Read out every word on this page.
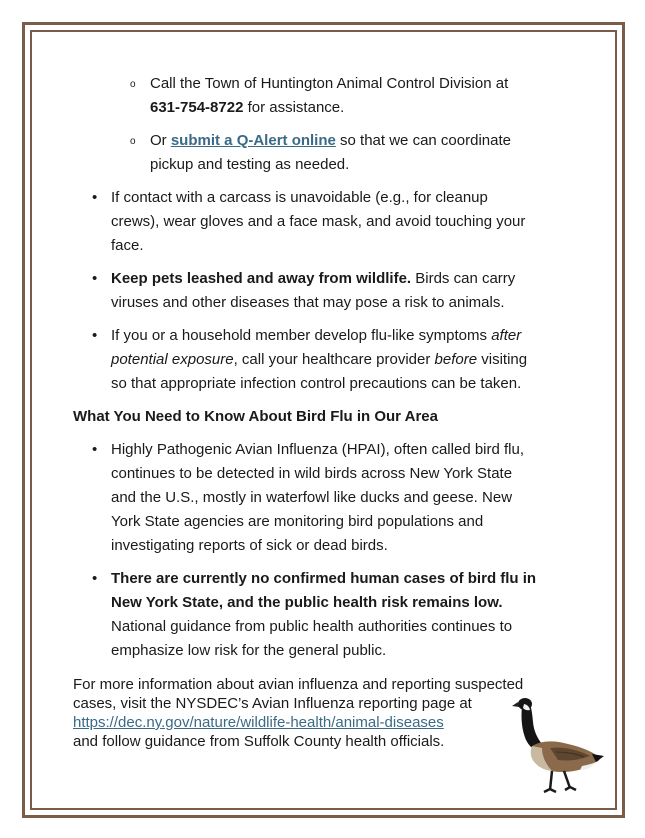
o Call the Town of Huntington Animal Control Division at
631-754-8722 for assistance.
o Or submit a Q-Alert online so that we can coordinate
pickup and testing as needed.
• If contact with a carcass is unavoidable (e.g., for cleanup
crews), wear gloves and a face mask, and avoid touching your
face.
• Keep pets leashed and away from wildlife. Birds can carry
viruses and other diseases that may pose a risk to animals.
• If you or a household member develop flu-like symptoms after
potential exposure, call your healthcare provider before visiting
so that appropriate infection control precautions can be taken.
What You Need to Know About Bird Flu in Our Area
• Highly Pathogenic Avian Influenza (HPAI), often called bird flu,
continues to be detected in wild birds across New York State
and the U.S., mostly in waterfowl like ducks and geese. New
York State agencies are monitoring bird populations and
investigating reports of sick or dead birds.
• There are currently no confirmed human cases of bird flu in
New York State, and the public health risk remains low.
National guidance from public health authorities continues to
emphasize low risk for the general public.
For more information about avian influenza and reporting suspected
cases, visit the NYSDEC’s Avian Influenza reporting page at
https://dec.ny.gov/nature/wildlife-health/animal-diseases
and follow guidance from Suffolk County health officials.
